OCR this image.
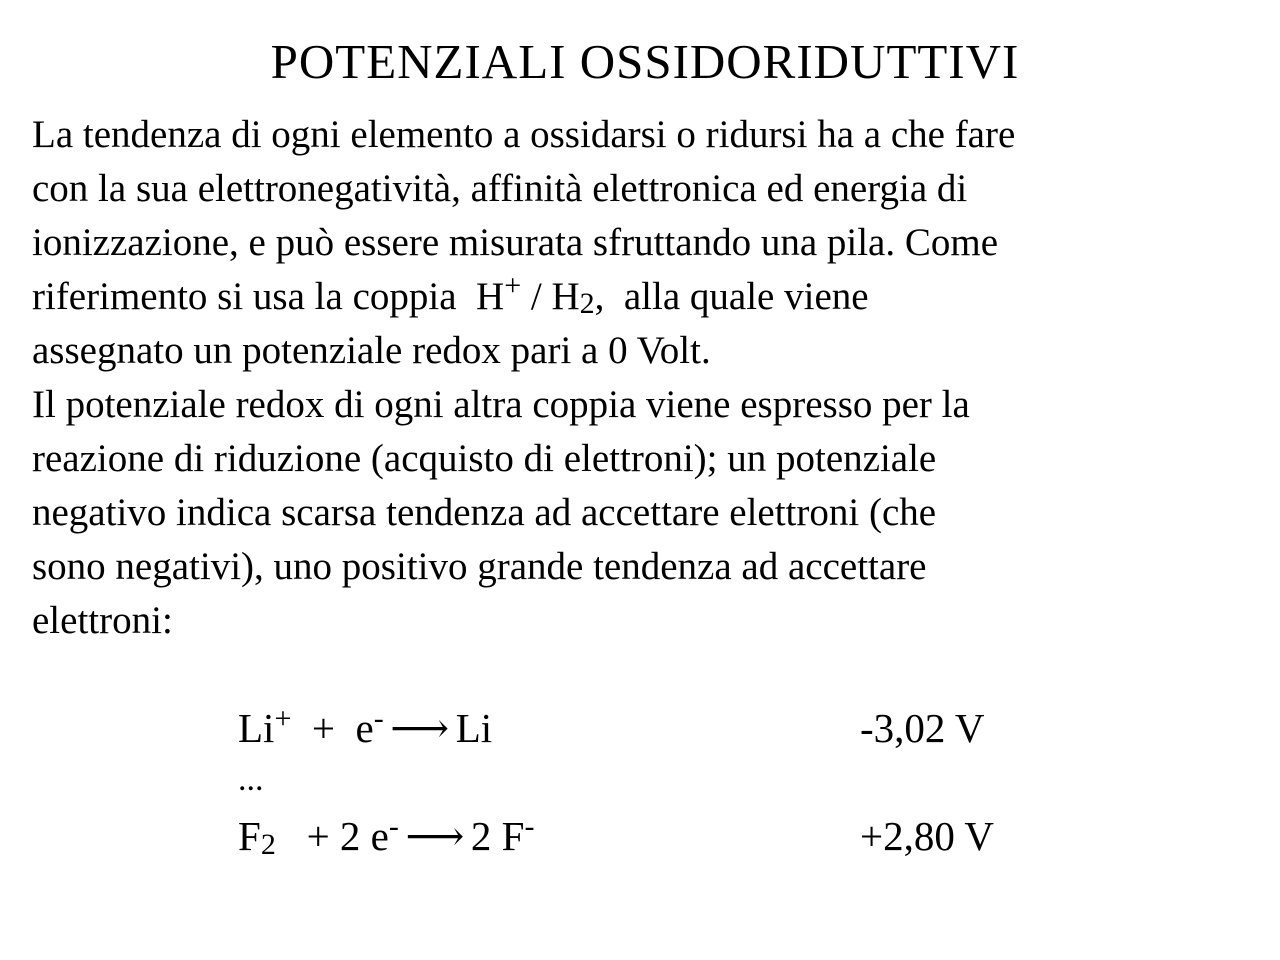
POTENZIALI OSSIDORIDUTTIVI
La tendenza di ogni elemento a ossidarsi o ridursi ha a che fare
con la sua elettronegatività, affinità elettronica ed energia di
ionizzazione, e può essere misurata sfruttando una pila. Come
riferimento si usa la coppia  $H^+ / H_2$,  alla quale viene
assegnato un potenziale redox pari a 0 Volt.
Il potenziale redox di ogni altra coppia viene espresso per la
reazione di riduzione (acquisto di elettroni); un potenziale
negativo indica scarsa tendenza ad accettare elettroni (che
sono negativi), uno positivo grande tendenza ad accettare
elettroni:
Li+  +  e- ⟶ Li	-3,02 V
...
$F_2 + 2$ e- ⟶ 2 F-	+2,80 V
